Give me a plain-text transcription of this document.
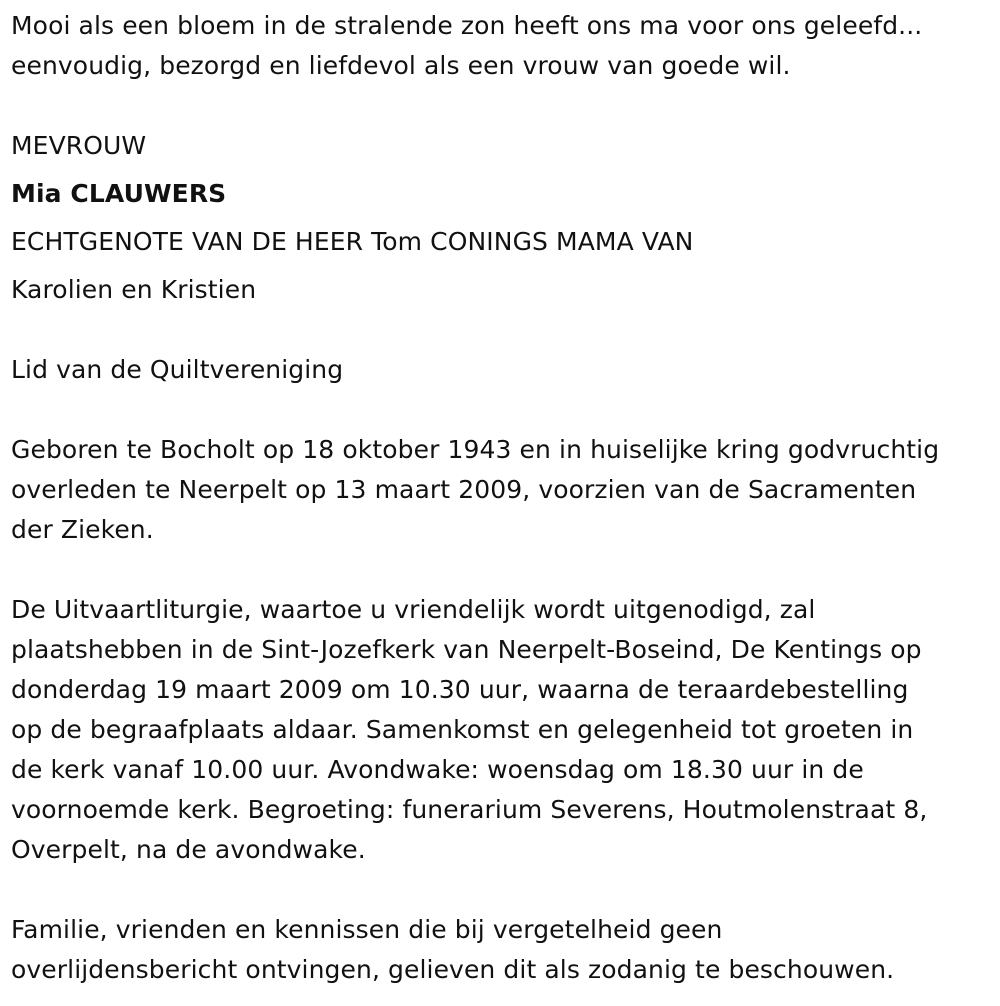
Mooi als een bloem in de stralende zon heeft ons ma voor ons geleefd...
eenvoudig, bezorgd en liefdevol als een vrouw van goede wil.

MEVROUW

Mia CLAUWERS

ECHTGENOTE VAN DE HEER Tom CONINGS MAMA VAN

Karolien en Kristien

Lid van de Quiltvereniging

Geboren te Bocholt op 18 oktober 1943 en in huiselijke kring godvruchtig
overleden te Neerpelt op 13 maart 2009, voorzien van de Sacramenten
der Zieken.

De Uitvaartliturgie, waartoe u vriendelijk wordt uitgenodigd, zal
plaatshebben in de Sint-Jozefkerk van Neerpelt-Boseind, De Kentings op
donderdag 19 maart 2009 om 10.30 uur, waarna de teraardebestelling
op de begraafplaats aldaar. Samenkomst en gelegenheid tot groeten in
de kerk vanaf 10.00 uur. Avondwake: woensdag om 18.30 uur in de
voornoemde kerk. Begroeting: funerarium Severens, Houtmolenstraat 8,
Overpelt, na de avondwake.

Familie, vrienden en kennissen die bij vergetelheid geen
overlijdensbericht ontvingen, gelieven dit als zodanig te beschouwen.
